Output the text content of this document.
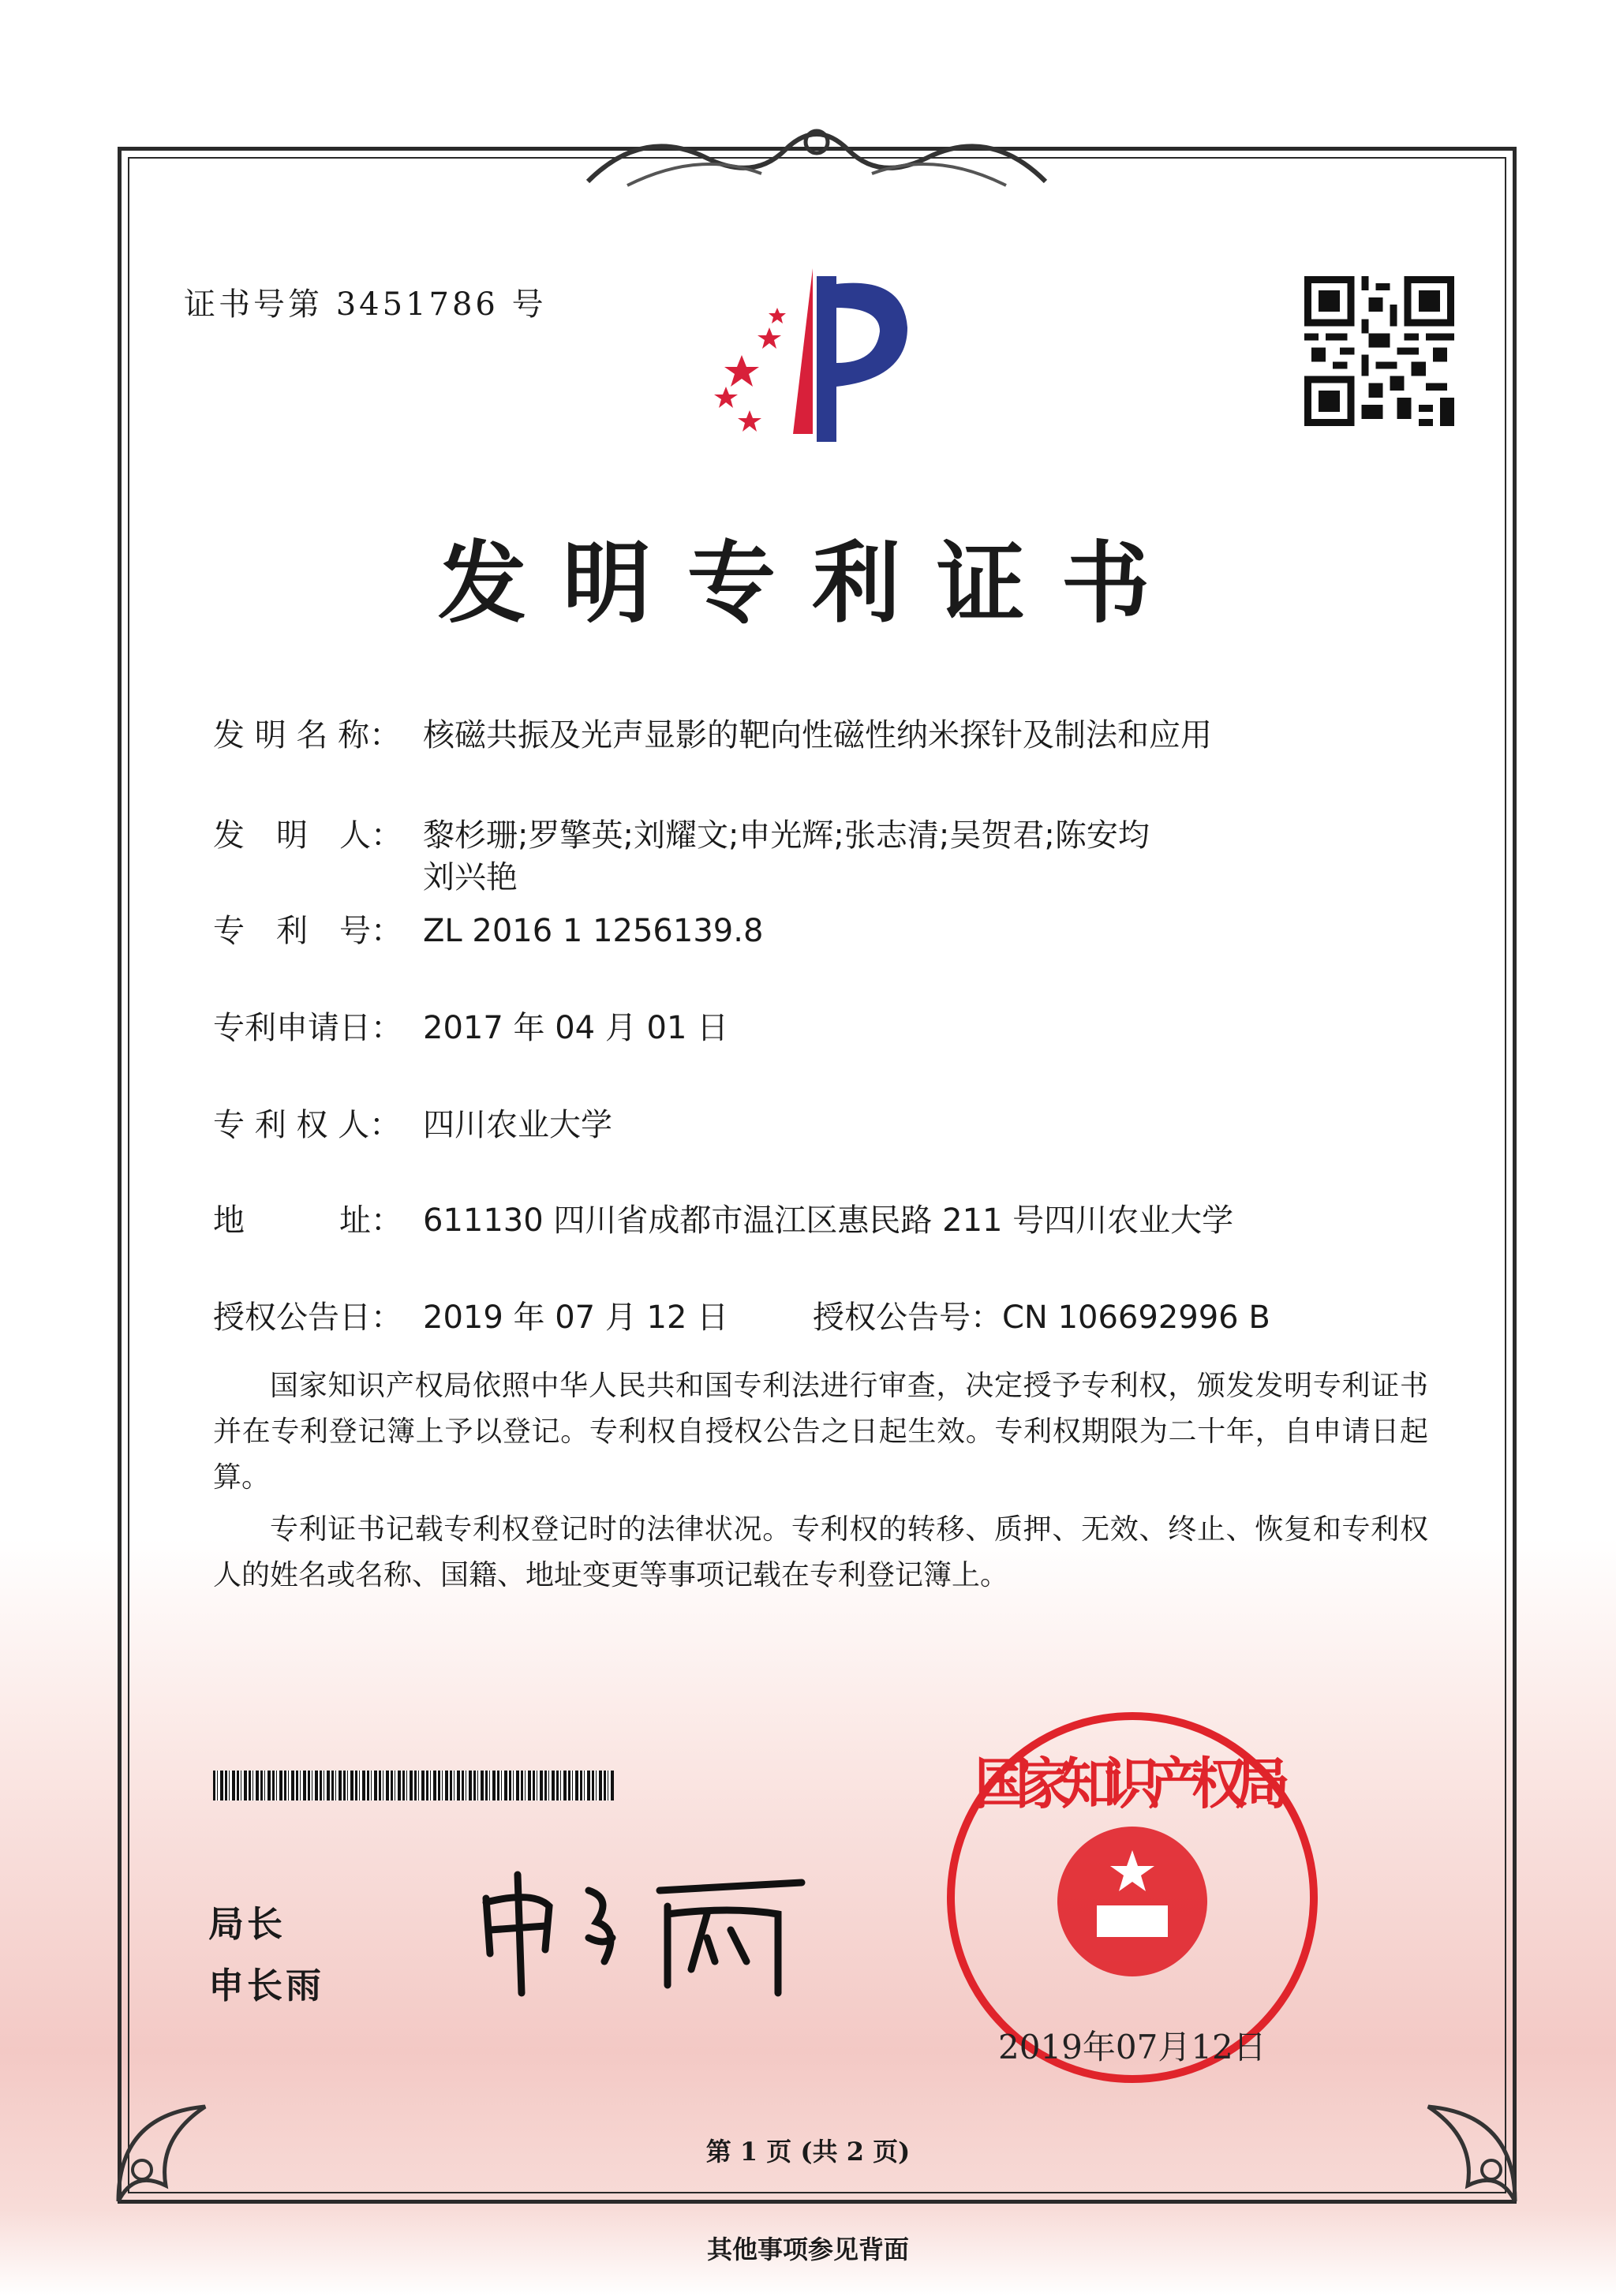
证书号第 3451786 号
发明专利证书
发 明 名 称： 核磁共振及光声显影的靶向性磁性纳米探针及制法和应用
发　明　人： 黎杉珊;罗擎英;刘耀文;申光辉;张志清;吴贺君;陈安均
刘兴艳
专　利　号： ZL 2016 1 1256139.8
专利申请日： 2017 年 04 月 01 日
专 利 权 人： 四川农业大学
地　　　址： 611130 四川省成都市温江区惠民路 211 号四川农业大学
授权公告日： 2019 年 07 月 12 日	授权公告号：CN 106692996 B

国家知识产权局依照中华人民共和国专利法进行审查，决定授予专利权，颁发发明专利证书并在专利登记簿上予以登记。专利权自授权公告之日起生效。专利权期限为二十年，自申请日起算。

专利证书记载专利权登记时的法律状况。专利权的转移、质押、无效、终止、恢复和专利权人的姓名或名称、国籍、地址变更等事项记载在专利登记簿上。

局长
申长雨
国家知识产权局
2019年07月12日
第 1 页 (共 2 页)
其他事项参见背面
